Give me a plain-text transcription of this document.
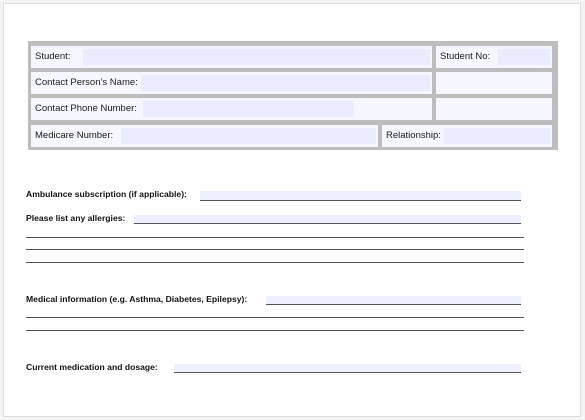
Student:	Student No:
Contact Person’s Name:
Contact Phone Number:
Medicare Number:	Relationship:
Ambulance subscription (if applicable):
Please list any allergies:
Medical information (e.g. Asthma, Diabetes, Epilepsy):
Current medication and dosage:
